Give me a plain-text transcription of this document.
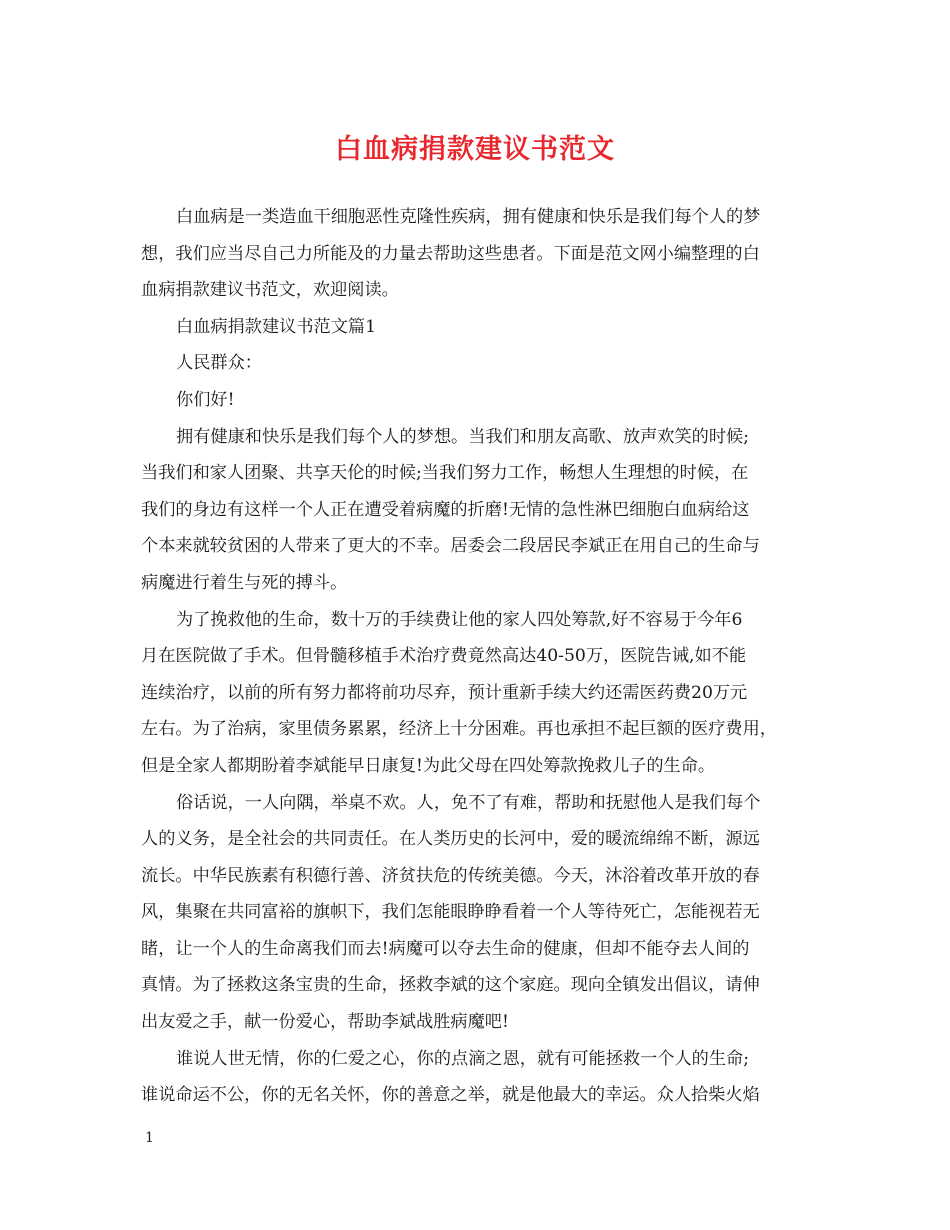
白血病捐款建议书范文
白血病是一类造血干细胞恶性克隆性疾病，拥有健康和快乐是我们每个人的梦
想，我们应当尽自己力所能及的力量去帮助这些患者。下面是范文网小编整理的白
血病捐款建议书范文，欢迎阅读。
白血病捐款建议书范文篇1
人民群众：
你们好!
拥有健康和快乐是我们每个人的梦想。当我们和朋友高歌、放声欢笑的时候;
当我们和家人团聚、共享天伦的时候;当我们努力工作，畅想人生理想的时候，在
我们的身边有这样一个人正在遭受着病魔的折磨!无情的急性淋巴细胞白血病给这
个本来就较贫困的人带来了更大的不幸。居委会二段居民李斌正在用自己的生命与
病魔进行着生与死的搏斗。
为了挽救他的生命，数十万的手续费让他的家人四处筹款,好不容易于今年6
月在医院做了手术。但骨髓移植手术治疗费竟然高达40-50万，医院告诫,如不能
连续治疗，以前的所有努力都将前功尽弃，预计重新手续大约还需医药费20万元
左右。为了治病，家里债务累累，经济上十分困难。再也承担不起巨额的医疗费用，
但是全家人都期盼着李斌能早日康复!为此父母在四处筹款挽救儿子的生命。
俗话说，一人向隅，举桌不欢。人，免不了有难，帮助和抚慰他人是我们每个
人的义务，是全社会的共同责任。在人类历史的长河中，爱的暖流绵绵不断，源远
流长。中华民族素有积德行善、济贫扶危的传统美德。今天，沐浴着改革开放的春
风，集聚在共同富裕的旗帜下，我们怎能眼睁睁看着一个人等待死亡，怎能视若无
睹，让一个人的生命离我们而去!病魔可以夺去生命的健康，但却不能夺去人间的
真情。为了拯救这条宝贵的生命，拯救李斌的这个家庭。现向全镇发出倡议，请伸
出友爱之手，献一份爱心，帮助李斌战胜病魔吧!
谁说人世无情，你的仁爱之心，你的点滴之恩，就有可能拯救一个人的生命;
谁说命运不公，你的无名关怀，你的善意之举，就是他最大的幸运。众人拾柴火焰
1
